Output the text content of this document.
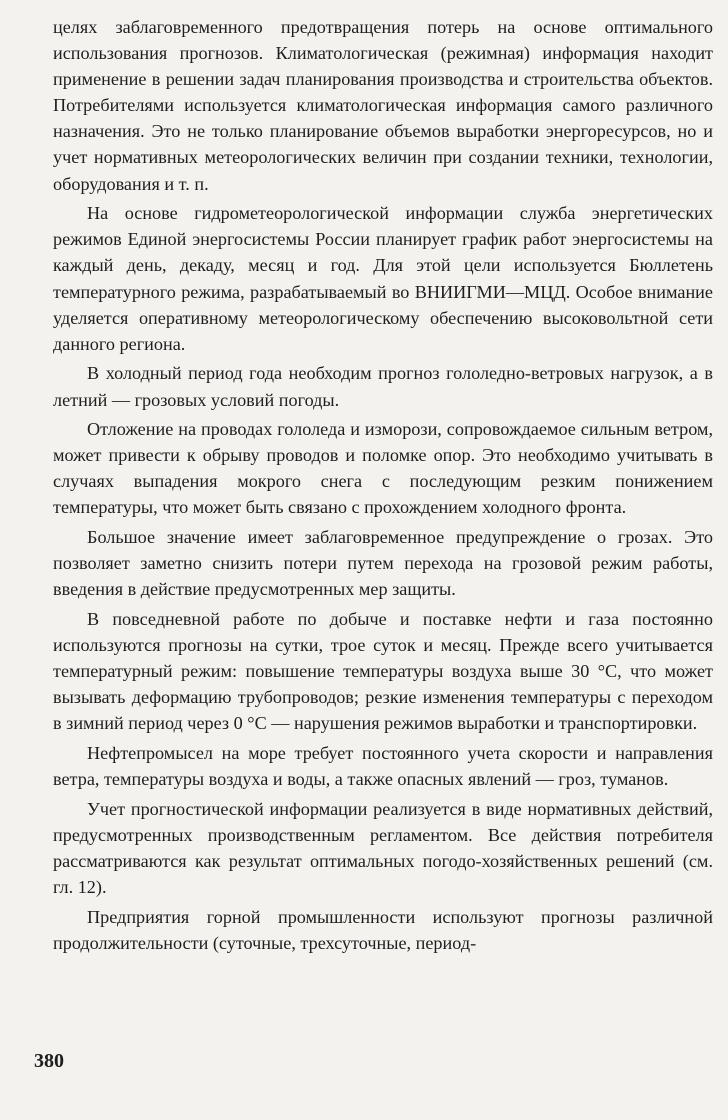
целях заблаговременного предотвращения потерь на основе оптимального использования прогнозов. Климатологическая (режимная) информация находит применение в решении задач планирования производства и строительства объектов. Потребителями используется климатологическая информация самого различного назначения. Это не только планирование объемов выработки энергоресурсов, но и учет нормативных метеорологических величин при создании техники, технологии, оборудования и т. п.

На основе гидрометеорологической информации служба энергетических режимов Единой энергосистемы России планирует график работ энергосистемы на каждый день, декаду, месяц и год. Для этой цели используется Бюллетень температурного режима, разрабатываемый во ВНИИГМИ—МЦД. Особое внимание уделяется оперативному метеорологическому обеспечению высоковольтной сети данного региона.

В холодный период года необходим прогноз гололедно-ветровых нагрузок, а в летний — грозовых условий погоды.

Отложение на проводах гололеда и изморози, сопровождаемое сильным ветром, может привести к обрыву проводов и поломке опор. Это необходимо учитывать в случаях выпадения мокрого снега с последующим резким понижением температуры, что может быть связано с прохождением холодного фронта.

Большое значение имеет заблаговременное предупреждение о грозах. Это позволяет заметно снизить потери путем перехода на грозовой режим работы, введения в действие предусмотренных мер защиты.

В повседневной работе по добыче и поставке нефти и газа постоянно используются прогнозы на сутки, трое суток и месяц. Прежде всего учитывается температурный режим: повышение температуры воздуха выше 30 °С, что может вызывать деформацию трубопроводов; резкие изменения температуры с переходом в зимний период через 0 °С — нарушения режимов выработки и транспортировки.

Нефтепромысел на море требует постоянного учета скорости и направления ветра, температуры воздуха и воды, а также опасных явлений — гроз, туманов.

Учет прогностической информации реализуется в виде нормативных действий, предусмотренных производственным регламентом. Все действия потребителя рассматриваются как результат оптимальных погодо-хозяйственных решений (см. гл. 12).

Предприятия горной промышленности используют прогнозы различной продолжительности (суточные, трехсуточные, период-

380
